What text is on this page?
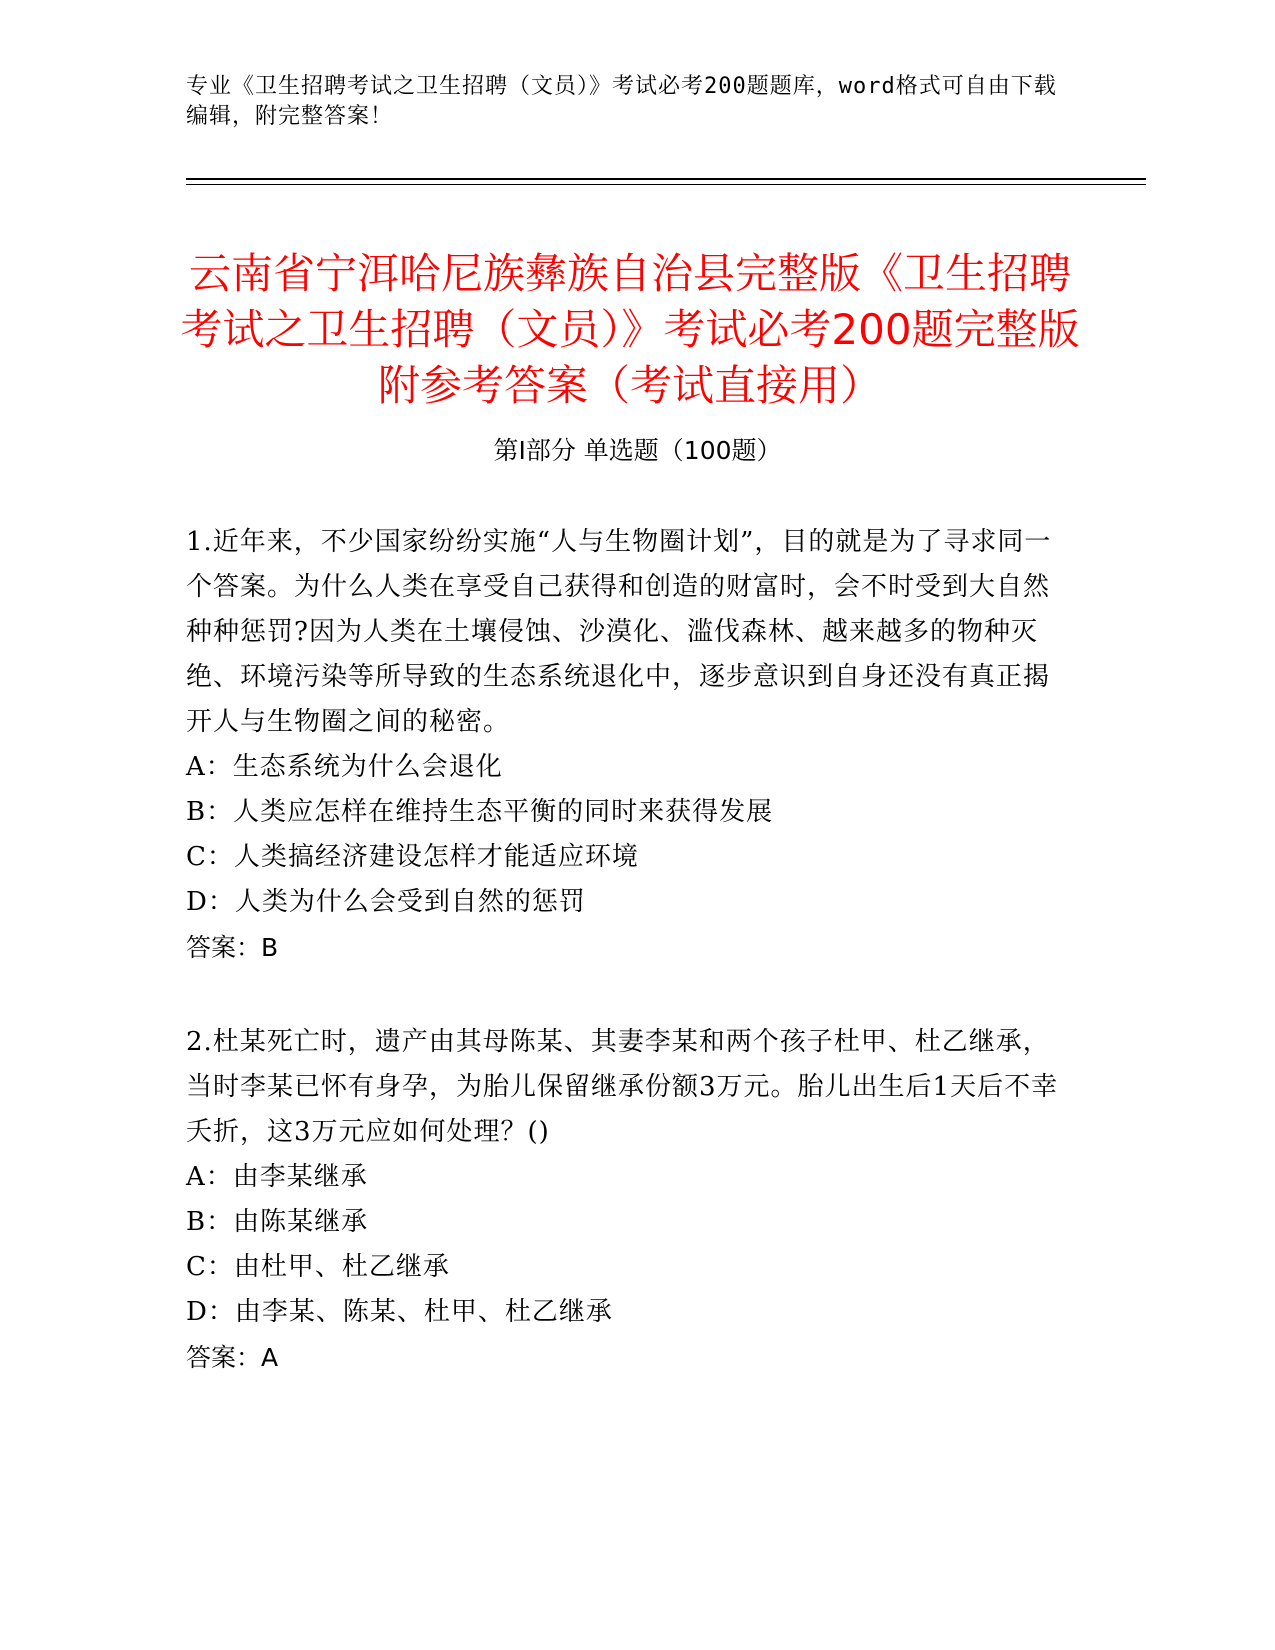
专业《卫生招聘考试之卫生招聘（文员）》考试必考200题题库，word格式可自由下载编辑，附完整答案！
云南省宁洱哈尼族彝族自治县完整版《卫生招聘考试之卫生招聘（文员）》考试必考200题完整版附参考答案（考试直接用）
第Ⅰ部分 单选题（100题）

1.近年来，不少国家纷纷实施“人与生物圈计划”，目的就是为了寻求同一个答案。为什么人类在享受自己获得和创造的财富时，会不时受到大自然种种惩罚?因为人类在土壤侵蚀、沙漠化、滥伐森林、越来越多的物种灭绝、环境污染等所导致的生态系统退化中，逐步意识到自身还没有真正揭开人与生物圈之间的秘密。

A：生态系统为什么会退化

B：人类应怎样在维持生态平衡的同时来获得发展

C：人类搞经济建设怎样才能适应环境

D：人类为什么会受到自然的惩罚

答案：B

2.杜某死亡时，遗产由其母陈某、其妻李某和两个孩子杜甲、杜乙继承，当时李某已怀有身孕，为胎儿保留继承份额3万元。胎儿出生后1天后不幸夭折，这3万元应如何处理？()

A：由李某继承

B：由陈某继承

C：由杜甲、杜乙继承

D：由李某、陈某、杜甲、杜乙继承

答案：A
